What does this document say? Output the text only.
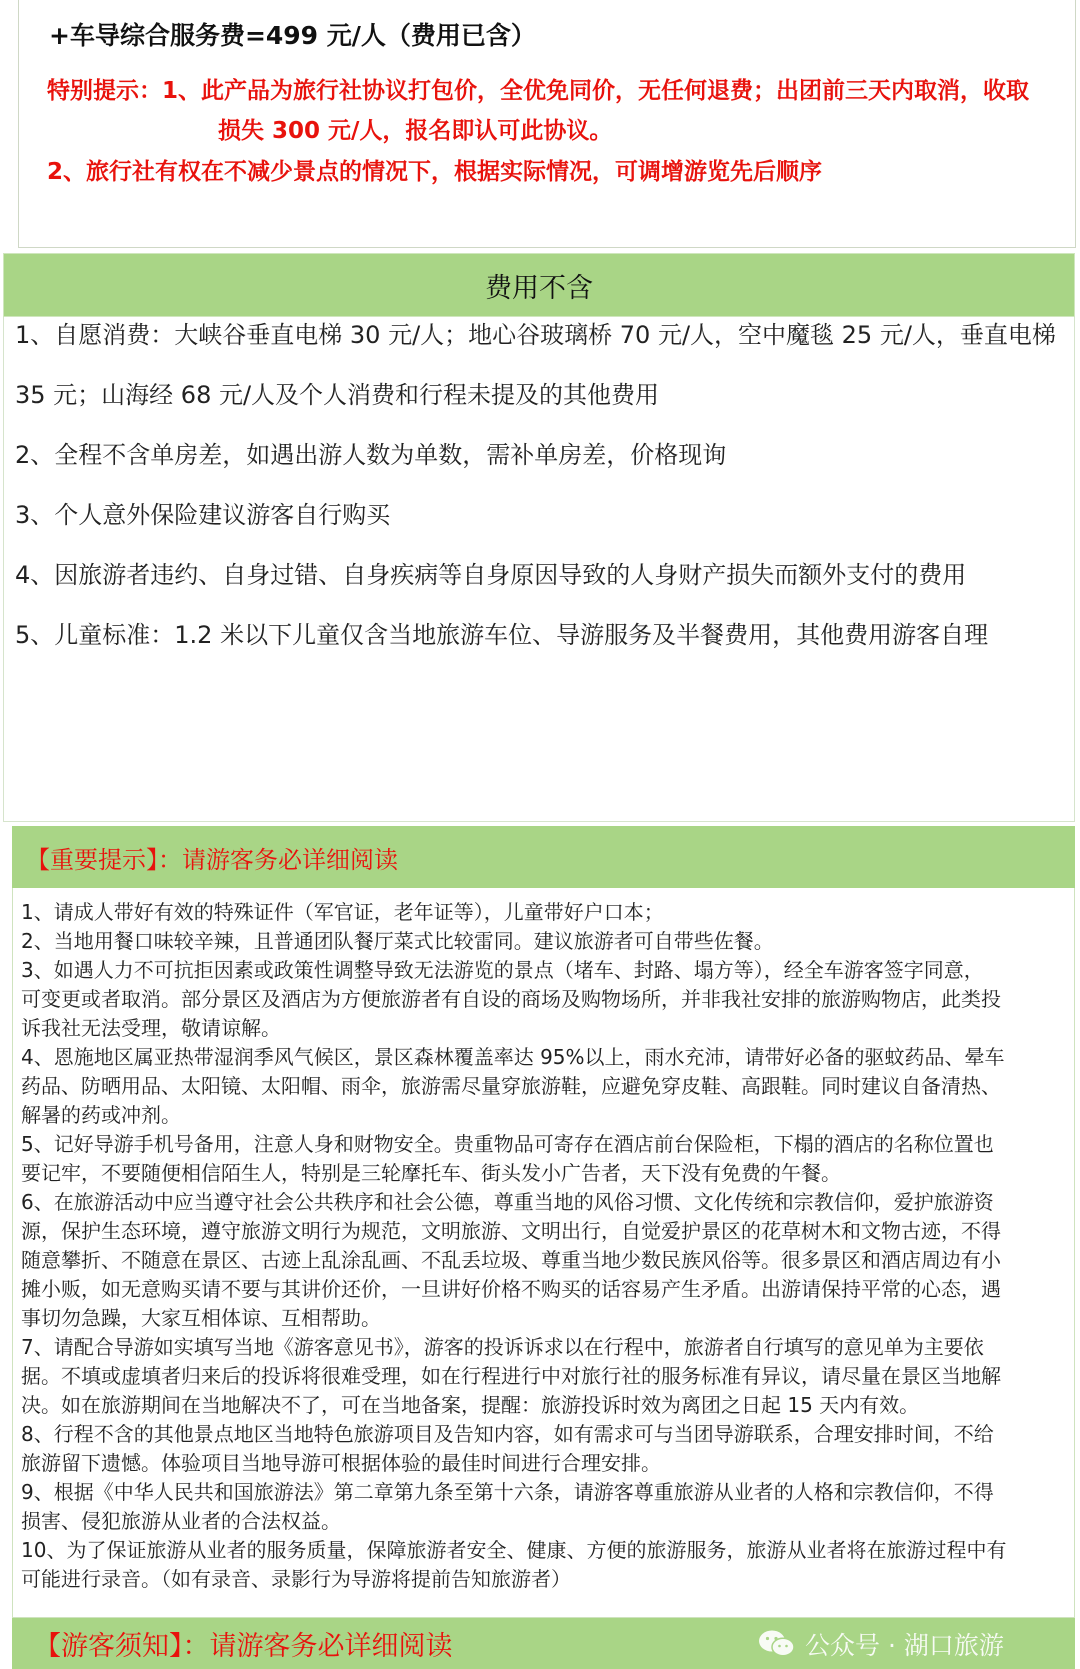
+车导综合服务费=499 元/人（费用已含）
特别提示：1、此产品为旅行社协议打包价，全优免同价，无任何退费；出团前三天内取消，收取
损失 300 元/人，报名即认可此协议。
2、旅行社有权在不减少景点的情况下，根据实际情况，可调增游览先后顺序
费用不含
1、自愿消费：大峡谷垂直电梯 30 元/人；地心谷玻璃桥 70 元/人，空中魔毯 25 元/人，垂直电梯
35 元；山海经 68 元/人及个人消费和行程未提及的其他费用
2、全程不含单房差，如遇出游人数为单数，需补单房差，价格现询
3、个人意外保险建议游客自行购买
4、因旅游者违约、自身过错、自身疾病等自身原因导致的人身财产损失而额外支付的费用
5、儿童标准：1.2 米以下儿童仅含当地旅游车位、导游服务及半餐费用，其他费用游客自理
【重要提示】：请游客务必详细阅读
1、请成人带好有效的特殊证件（军官证，老年证等），儿童带好户口本；
2、当地用餐口味较辛辣，且普通团队餐厅菜式比较雷同。建议旅游者可自带些佐餐。
3、如遇人力不可抗拒因素或政策性调整导致无法游览的景点（堵车、封路、塌方等），经全车游客签字同意，
可变更或者取消。部分景区及酒店为方便旅游者有自设的商场及购物场所，并非我社安排的旅游购物店，此类投
诉我社无法受理，敬请谅解。
4、恩施地区属亚热带湿润季风气候区，景区森林覆盖率达 95%以上，雨水充沛，请带好必备的驱蚊药品、晕车
药品、防晒用品、太阳镜、太阳帽、雨伞，旅游需尽量穿旅游鞋，应避免穿皮鞋、高跟鞋。同时建议自备清热、
解暑的药或冲剂。
5、记好导游手机号备用，注意人身和财物安全。贵重物品可寄存在酒店前台保险柜，下榻的酒店的名称位置也
要记牢，不要随便相信陌生人，特别是三轮摩托车、街头发小广告者，天下没有免费的午餐。
6、在旅游活动中应当遵守社会公共秩序和社会公德，尊重当地的风俗习惯、文化传统和宗教信仰，爱护旅游资
源，保护生态环境，遵守旅游文明行为规范，文明旅游、文明出行，自觉爱护景区的花草树木和文物古迹，不得
随意攀折、不随意在景区、古迹上乱涂乱画、不乱丢垃圾、尊重当地少数民族风俗等。很多景区和酒店周边有小
摊小贩，如无意购买请不要与其讲价还价，一旦讲好价格不购买的话容易产生矛盾。出游请保持平常的心态，遇
事切勿急躁，大家互相体谅、互相帮助。
7、请配合导游如实填写当地《游客意见书》，游客的投诉诉求以在行程中，旅游者自行填写的意见单为主要依
据。不填或虚填者归来后的投诉将很难受理，如在行程进行中对旅行社的服务标准有异议，请尽量在景区当地解
决。如在旅游期间在当地解决不了，可在当地备案，提醒：旅游投诉时效为离团之日起 15 天内有效。
8、行程不含的其他景点地区当地特色旅游项目及告知内容，如有需求可与当团导游联系，合理安排时间，不给
旅游留下遗憾。体验项目当地导游可根据体验的最佳时间进行合理安排。
9、根据《中华人民共和国旅游法》第二章第九条至第十六条，请游客尊重旅游从业者的人格和宗教信仰，不得
损害、侵犯旅游从业者的合法权益。
10、为了保证旅游从业者的服务质量，保障旅游者安全、健康、方便的旅游服务，旅游从业者将在旅游过程中有
可能进行录音。（如有录音、录影行为导游将提前告知旅游者）
【游客须知】：请游客务必详细阅读	公众号 · 湖口旅游
